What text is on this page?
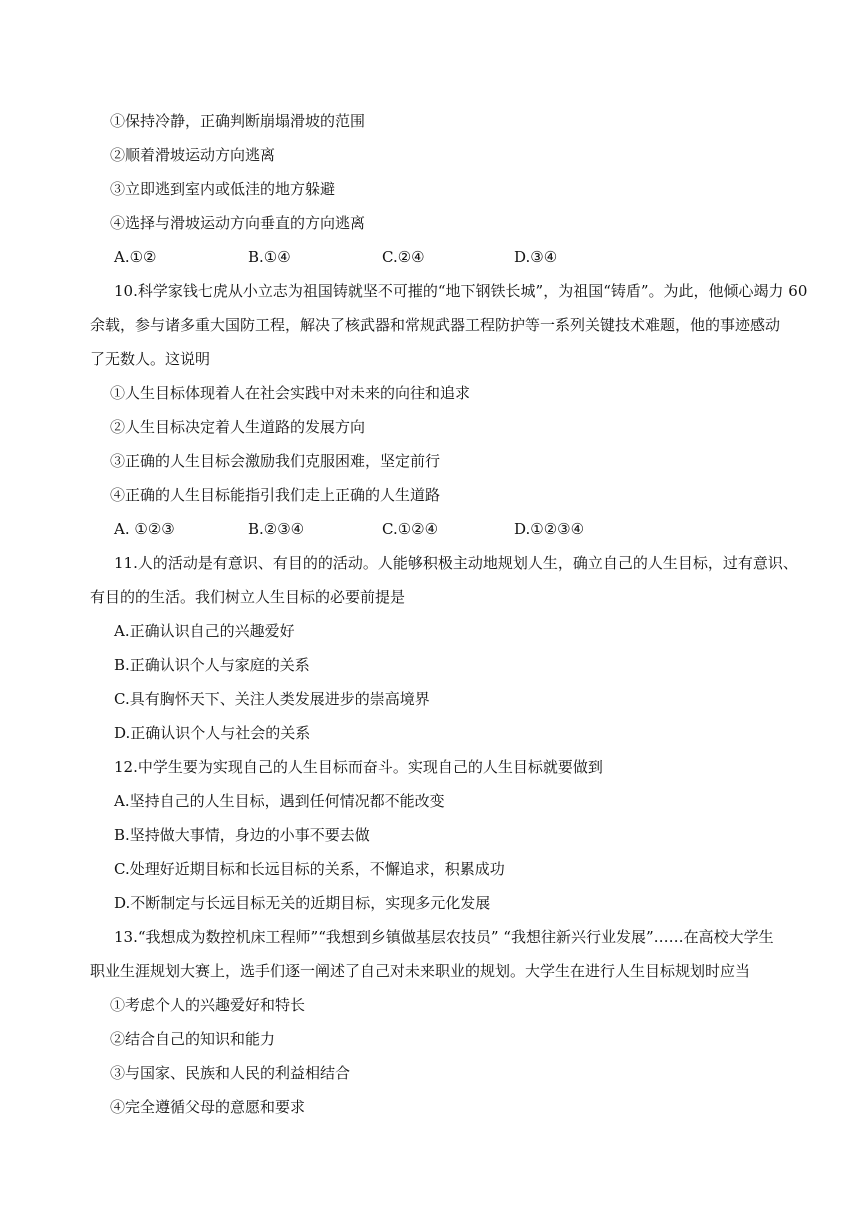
①保持冷静，正确判断崩塌滑坡的范围
②顺着滑坡运动方向逃离
③立即逃到室内或低洼的地方躲避
④选择与滑坡运动方向垂直的方向逃离
A.①②	B.①④	C.②④	D.③④
10.科学家钱七虎从小立志为祖国铸就坚不可摧的“地下钢铁长城”，为祖国“铸盾”。为此，他倾心竭力 60
余载，参与诸多重大国防工程，解决了核武器和常规武器工程防护等一系列关键技术难题，他的事迹感动
了无数人。这说明
①人生目标体现着人在社会实践中对未来的向往和追求
②人生目标决定着人生道路的发展方向
③正确的人生目标会激励我们克服困难，坚定前行
④正确的人生目标能指引我们走上正确的人生道路
A. ①②③	B.②③④	C.①②④	D.①②③④
11.人的活动是有意识、有目的的活动。人能够积极主动地规划人生，确立自己的人生目标，过有意识、
有目的的生活。我们树立人生目标的必要前提是
A.正确认识自己的兴趣爱好
B.正确认识个人与家庭的关系
C.具有胸怀天下、关注人类发展进步的崇高境界
D.正确认识个人与社会的关系
12.中学生要为实现自己的人生目标而奋斗。实现自己的人生目标就要做到
A.坚持自己的人生目标，遇到任何情况都不能改变
B.坚持做大事情，身边的小事不要去做
C.处理好近期目标和长远目标的关系，不懈追求，积累成功
D.不断制定与长远目标无关的近期目标，实现多元化发展
13.“我想成为数控机床工程师”“我想到乡镇做基层农技员” “我想往新兴行业发展”……在高校大学生
职业生涯规划大赛上，选手们逐一阐述了自己对未来职业的规划。大学生在进行人生目标规划时应当
①考虑个人的兴趣爱好和特长
②结合自己的知识和能力
③与国家、民族和人民的利益相结合
④完全遵循父母的意愿和要求
